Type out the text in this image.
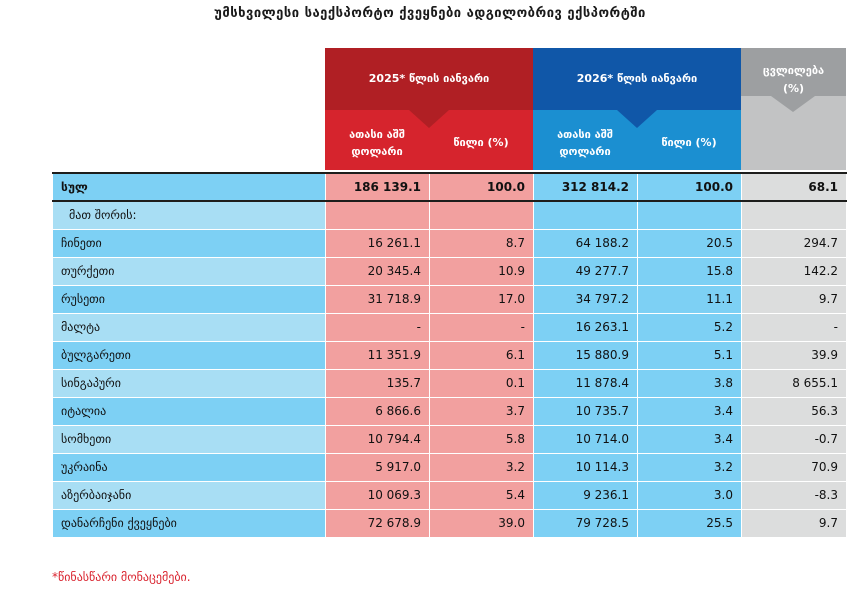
უმსხვილესი საექსპორტო ქვეყნები ადგილობრივ ექსპორტში
2025* წლის იანვარი
ათასი აშშ დოლარი
წილი (%)
2026* წლის იანვარი
ათასი აშშ დოლარი
წილი (%)
ცვლილება (%)
სულ	186 139.1	100.0	312 814.2	100.0	68.1
მათ შორის:					
ჩინეთი	16 261.1	8.7	64 188.2	20.5	294.7
თურქეთი	20 345.4	10.9	49 277.7	15.8	142.2
რუსეთი	31 718.9	17.0	34 797.2	11.1	9.7
მალტა	-	-	16 263.1	5.2	-
ბულგარეთი	11 351.9	6.1	15 880.9	5.1	39.9
სინგაპური	135.7	0.1	11 878.4	3.8	8 655.1
იტალია	6 866.6	3.7	10 735.7	3.4	56.3
სომხეთი	10 794.4	5.8	10 714.0	3.4	-0.7
უკრაინა	5 917.0	3.2	10 114.3	3.2	70.9
აზერბაიჯანი	10 069.3	5.4	9 236.1	3.0	-8.3
დანარჩენი ქვეყნები	72 678.9	39.0	79 728.5	25.5	9.7
*წინასწარი მონაცემები.
